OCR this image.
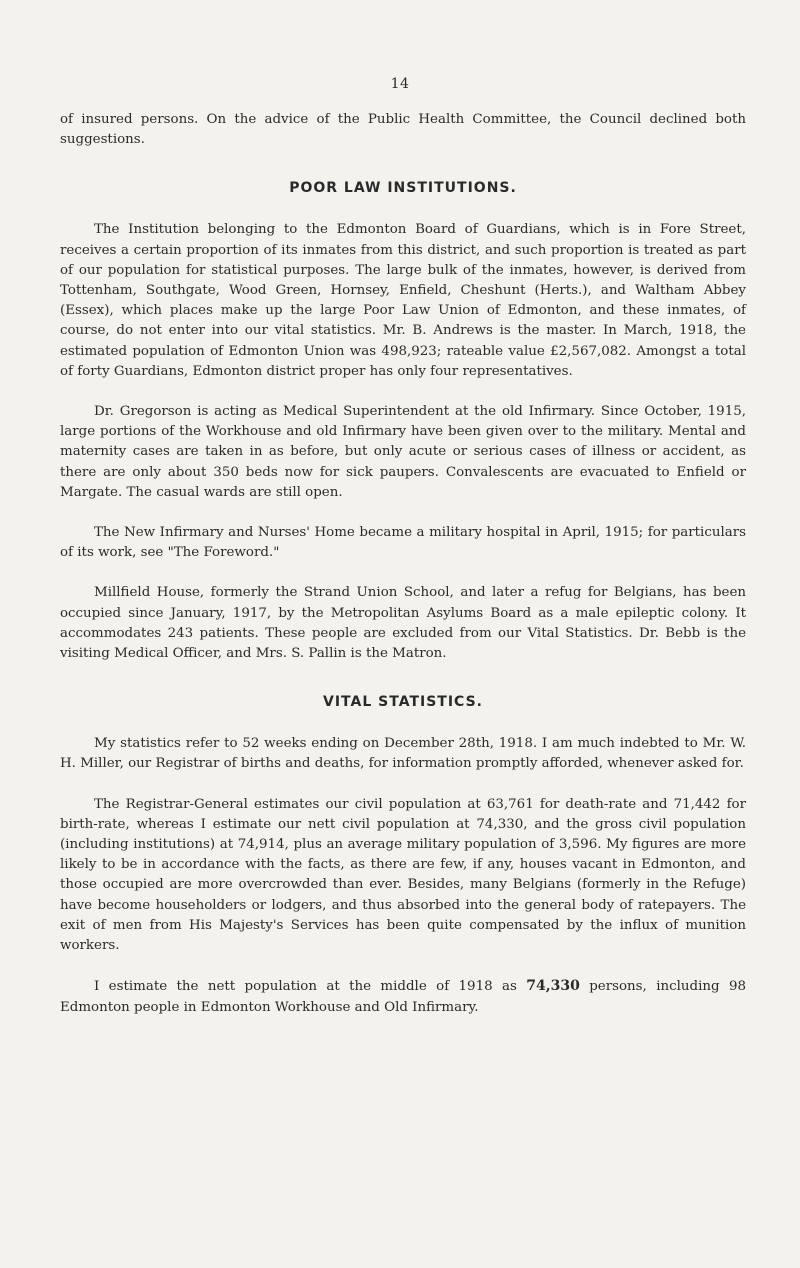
14

of insured persons. On the advice of the Public Health Committee, the Council declined both suggestions.

POOR LAW INSTITUTIONS.

The Institution belonging to the Edmonton Board of Guardians, which is in Fore Street, receives a certain proportion of its inmates from this district, and such proportion is treated as part of our population for statistical purposes. The large bulk of the inmates, however, is derived from Tottenham, Southgate, Wood Green, Hornsey, Enfield, Cheshunt (Herts.), and Waltham Abbey (Essex), which places make up the large Poor Law Union of Edmonton, and these inmates, of course, do not enter into our vital statistics. Mr. B. Andrews is the master. In March, 1918, the estimated population of Edmonton Union was 498,923; rateable value £2,567,082. Amongst a total of forty Guardians, Edmonton district proper has only four representatives.

Dr. Gregorson is acting as Medical Superintendent at the old Infirmary. Since October, 1915, large portions of the Workhouse and old Infirmary have been given over to the military. Mental and maternity cases are taken in as before, but only acute or serious cases of illness or accident, as there are only about 350 beds now for sick paupers. Convalescents are evacuated to Enfield or Margate. The casual wards are still open.

The New Infirmary and Nurses' Home became a military hospital in April, 1915; for particulars of its work, see "The Foreword."

Millfield House, formerly the Strand Union School, and later a refug for Belgians, has been occupied since January, 1917, by the Metropolitan Asylums Board as a male epileptic colony. It accommodates 243 patients. These people are excluded from our Vital Statistics. Dr. Bebb is the visiting Medical Officer, and Mrs. S. Pallin is the Matron.

VITAL STATISTICS.

My statistics refer to 52 weeks ending on December 28th, 1918. I am much indebted to Mr. W. H. Miller, our Registrar of births and deaths, for information promptly afforded, whenever asked for.

The Registrar-General estimates our civil population at 63,761 for death-rate and 71,442 for birth-rate, whereas I estimate our nett civil population at 74,330, and the gross civil population (including institutions) at 74,914, plus an average military population of 3,596. My figures are more likely to be in accordance with the facts, as there are few, if any, houses vacant in Edmonton, and those occupied are more overcrowded than ever. Besides, many Belgians (formerly in the Refuge) have become householders or lodgers, and thus absorbed into the general body of ratepayers. The exit of men from His Majesty's Services has been quite compensated by the influx of munition workers.

I estimate the nett population at the middle of 1918 as 74,330 persons, including 98 Edmonton people in Edmonton Workhouse and Old Infirmary.
